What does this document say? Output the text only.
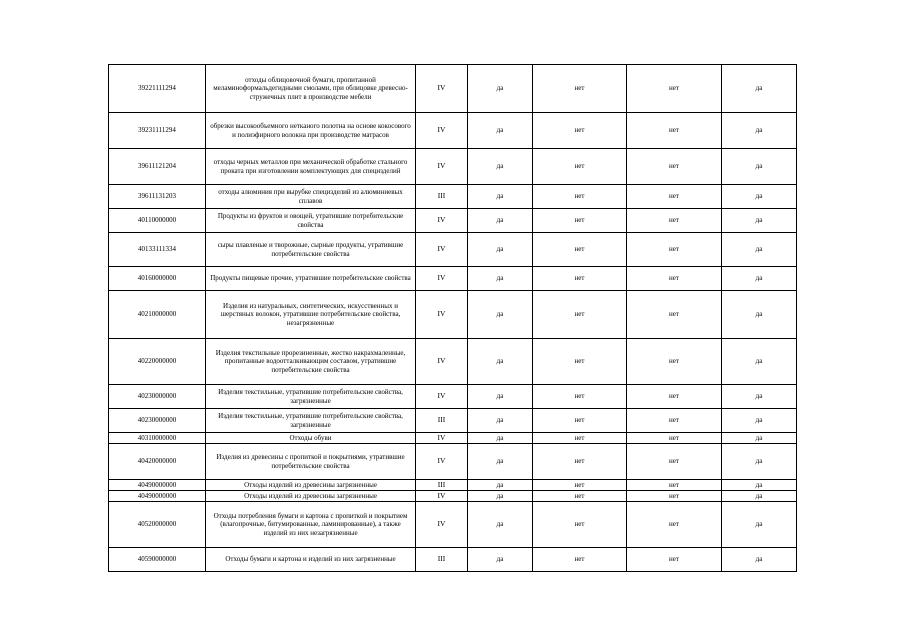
39221111294	отходы облицовочной бумаги, пропитанной меламиноформальдегидными смолами, при облицовке древесно-стружечных плит в производстве мебели	IV	да	нет	нет	да
39231111294	обрезки высокообъемного нетканого полотна на основе кокосового и полиэфирного волокна при производстве матрасов	IV	да	нет	нет	да
39611121204	отходы черных металлов при механической обработке стального проката при изготовлении комплектующих для специзделий	IV	да	нет	нет	да
39611131203	отходы алюминия при вырубке специзделий из алюминиевых сплавов	III	да	нет	нет	да
40110000000	Продукты из фруктов и овощей, утратившие потребительские свойства	IV	да	нет	нет	да
40133111334	сыры плавленые и творожные, сырные продукты, утратившие потребительские свойства	IV	да	нет	нет	да
40160000000	Продукты пищевые прочие, утратившие потребительские свойства	IV	да	нет	нет	да
40210000000	Изделия из натуральных, синтетических, искусственных и шерстяных волокон, утратившие потребительские свойства, незагрязненные	IV	да	нет	нет	да
40220000000	Изделия текстильные прорезиненные, жестко накрахмаленные, пропитанные водоотталкивающим составом, утратившие потребительские свойства	IV	да	нет	нет	да
40230000000	Изделия текстильные, утратившие потребительские свойства, загрязненные	IV	да	нет	нет	да
40230000000	Изделия текстильные, утратившие потребительские свойства, загрязненные	III	да	нет	нет	да
40310000000	Отходы обуви	IV	да	нет	нет	да
40420000000	Изделия из древесины с пропиткой и покрытиями, утратившие потребительские свойства	IV	да	нет	нет	да
40490000000	Отходы изделий из древесины загрязненные	III	да	нет	нет	да
40490000000	Отходы изделий из древесины загрязненные	IV	да	нет	нет	да
40520000000	Отходы потребления бумаги и картона с пропиткой и покрытием (влагопрочные, битумированные, ламинированные), а также изделий из них незагрязненные	IV	да	нет	нет	да
40590000000	Отходы бумаги и картона и изделий из них загрязненные	III	да	нет	нет	да
